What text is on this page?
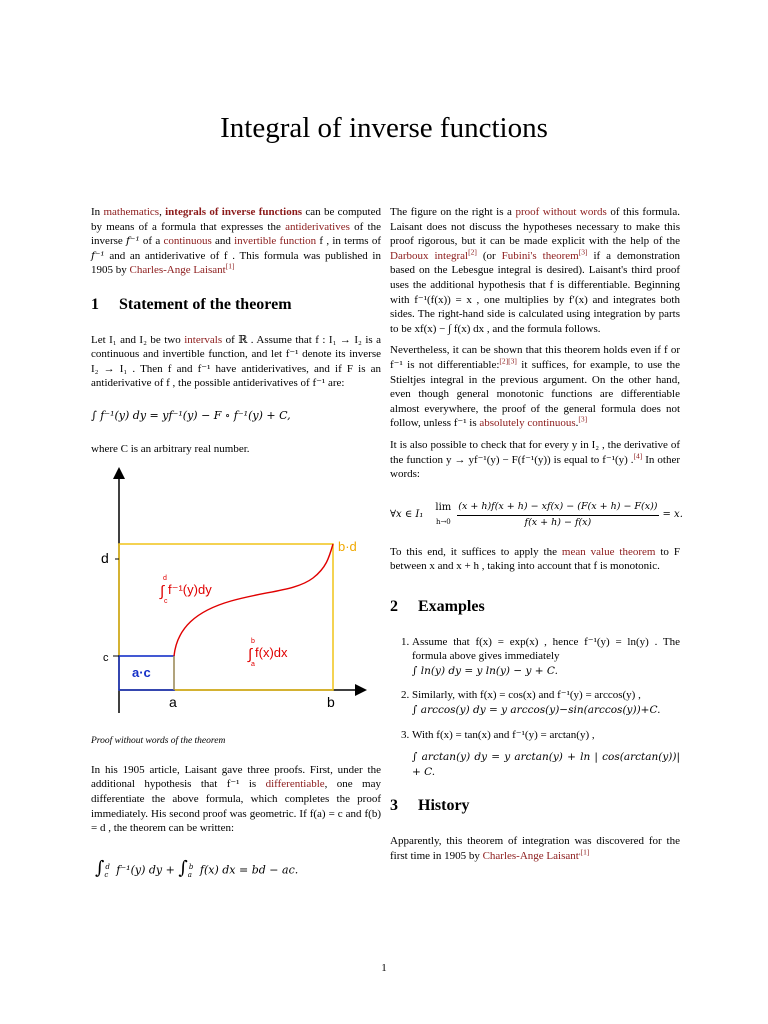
Integral of inverse functions

In mathematics, integrals of inverse functions can be computed by means of a formula that expresses the antiderivatives of the inverse f⁻¹ of a continuous and invertible function f , in terms of f⁻¹ and an antiderivative of f . This formula was published in 1905 by Charles-Ange Laisant[1]

1 Statement of the theorem

Let I₁ and I₂ be two intervals of ℝ . Assume that f : I₁ → I₂ is a continuous and invertible function, and let f⁻¹ denote its inverse I₂ → I₁ . Then f and f⁻¹ have antiderivatives, and if F is an antiderivative of f , the possible antiderivatives of f⁻¹ are:

∫ f⁻¹(y) dy = yf⁻¹(y) − F ∘ f⁻¹(y) + C,

where C is an arbitrary real number.

d
c
a	b
b·d
a·c
d
∫ f⁻¹(y)dy
c
b
∫ f(x)dx
a
Proof without words of the theorem

In his 1905 article, Laisant gave three proofs. First, under the additional hypothesis that f⁻¹ is differentiable, one may differentiate the above formula, which completes the proof immediately. His second proof was geometric. If f(a) = c and f(b) = d , the theorem can be written:

$\int_c^d$ f⁻¹(y) dy + $\int_a^b$ f(x) dx = bd − ac.

The figure on the right is a proof without words of this formula. Laisant does not discuss the hypotheses necessary to make this proof rigorous, but it can be made explicit with the help of the Darboux integral[2] (or Fubini's theorem[3] if a demonstration based on the Lebesgue integral is desired). Laisant's third proof uses the additional hypothesis that f is differentiable. Beginning with f⁻¹(f(x)) = x , one multiplies by f′(x) and integrates both sides. The right-hand side is calculated using integration by parts to be xf(x) − ∫ f(x) dx , and the formula follows.

Nevertheless, it can be shown that this theorem holds even if f or f⁻¹ is not differentiable:[2][3] it suffices, for example, to use the Stieltjes integral in the previous argument. On the other hand, even though general monotonic functions are differentiable almost everywhere, the proof of the general formula does not follow, unless f⁻¹ is absolutely continuous.[3]

It is also possible to check that for every y in I₂ , the derivative of the function y → yf⁻¹(y) − F(f⁻¹(y)) is equal to f⁻¹(y) .[4] In other words:

∀x ∈ I₁
lim
$h\to 0 \frac{(x + h)f(x + h) - xf(x) - (F(x + h) - F(x))}{f(x + h) - f(x)} = x$.

To this end, it suffices to apply the mean value theorem to F between x and x + h , taking into account that f is monotonic.

2 Examples
1. Assume that f(x) = exp(x) , hence f⁻¹(y) = ln(y) . The formula above gives immediately
∫ ln(y) dy = y ln(y) − y + C.
2. Similarly, with f(x) = cos(x) and f⁻¹(y) = arccos(y) ,
∫ arccos(y) dy = y arccos(y)−sin(arccos(y))+C.
3. With f(x) = tan(x) and f⁻¹(y) = arctan(y) ,
∫ arctan(y) dy = y arctan(y) + ln | cos(arctan(y))| + C.
3 History

Apparently, this theorem of integration was discovered for the first time in 1905 by Charles-Ange Laisant$^{,[1]}$

1
